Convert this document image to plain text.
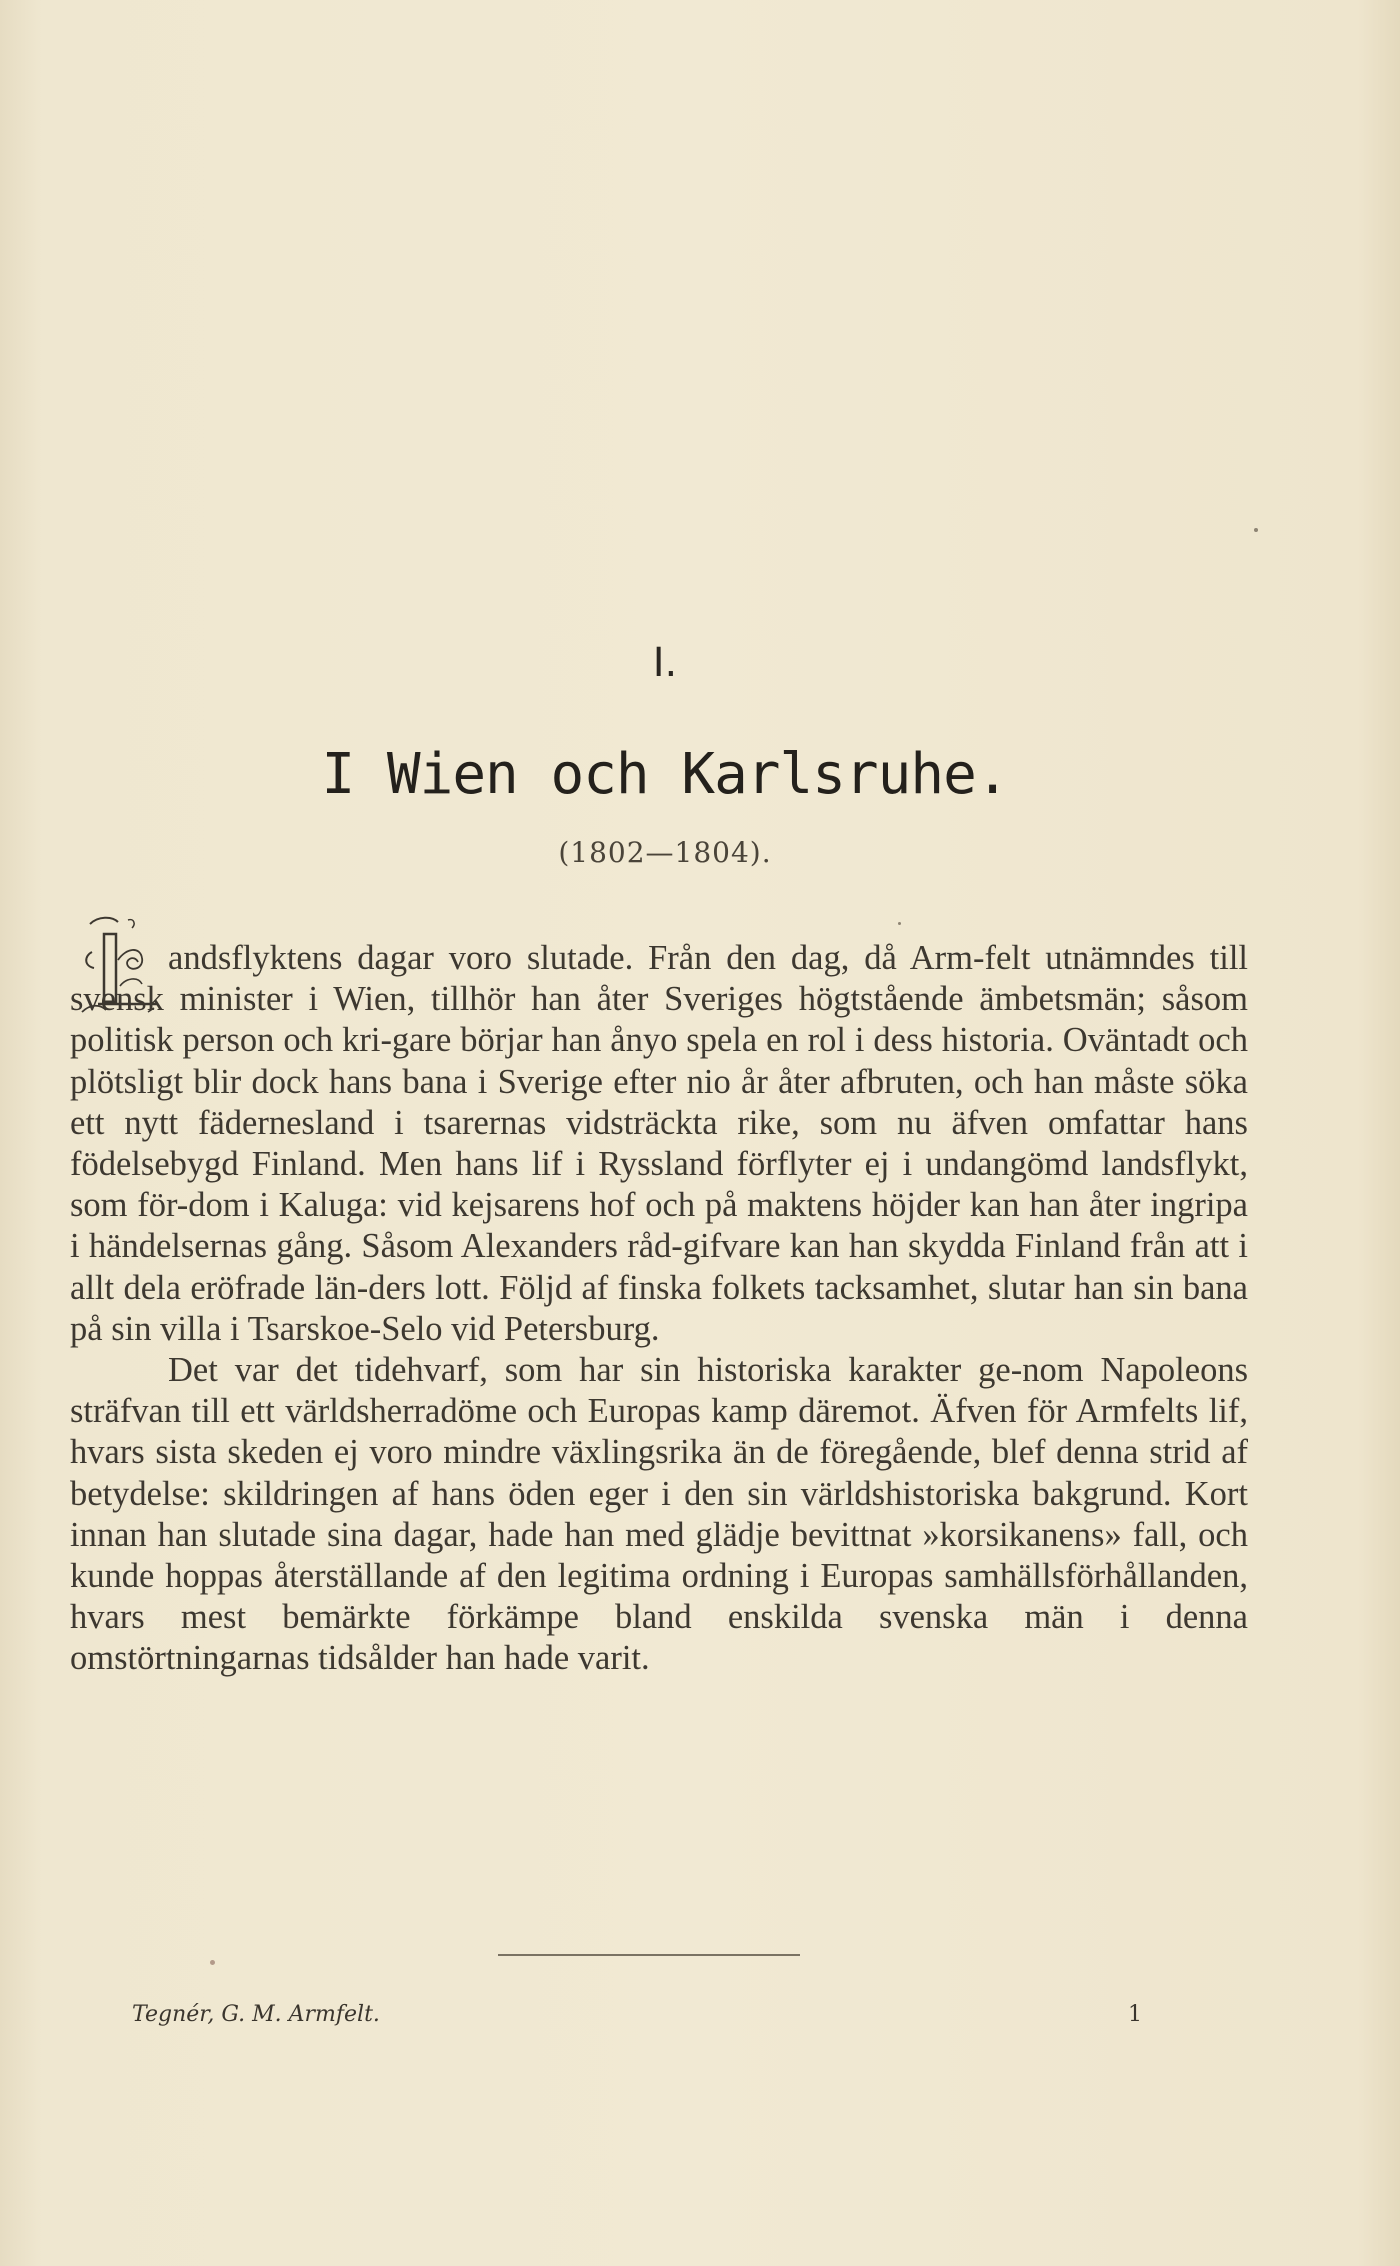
I.
I Wien och Karlsruhe.
(1802—1804).

andsflyktens dagar voro slutade. Från den dag, då Arm-felt utnämndes till svensk minister i Wien, tillhör han åter Sveriges högtstående ämbetsmän; såsom politisk person och kri-gare börjar han ånyo spela en rol i dess historia. Oväntadt och plötsligt blir dock hans bana i Sverige efter nio år åter afbruten, och han måste söka ett nytt fädernesland i tsarernas vidsträckta rike, som nu äfven omfattar hans födelsebygd Finland. Men hans lif i Ryssland förflyter ej i undangömd landsflykt, som för-dom i Kaluga: vid kejsarens hof och på maktens höjder kan han åter ingripa i händelsernas gång. Såsom Alexanders råd-gifvare kan han skydda Finland från att i allt dela eröfrade län-ders lott. Följd af finska folkets tacksamhet, slutar han sin bana på sin villa i Tsarskoe-Selo vid Petersburg.

Det var det tidehvarf, som har sin historiska karakter ge-nom Napoleons sträfvan till ett världsherradöme och Europas kamp däremot. Äfven för Armfelts lif, hvars sista skeden ej voro mindre växlingsrika än de föregående, blef denna strid af betydelse: skildringen af hans öden eger i den sin världshistoriska bakgrund. Kort innan han slutade sina dagar, hade han med glädje bevittnat »korsikanens» fall, och kunde hoppas återställande af den legitima ordning i Europas samhällsförhållanden, hvars mest bemärkte förkämpe bland enskilda svenska män i denna omstörtningarnas tidsålder han hade varit.

Tegnér, G. M. Armfelt.	1
